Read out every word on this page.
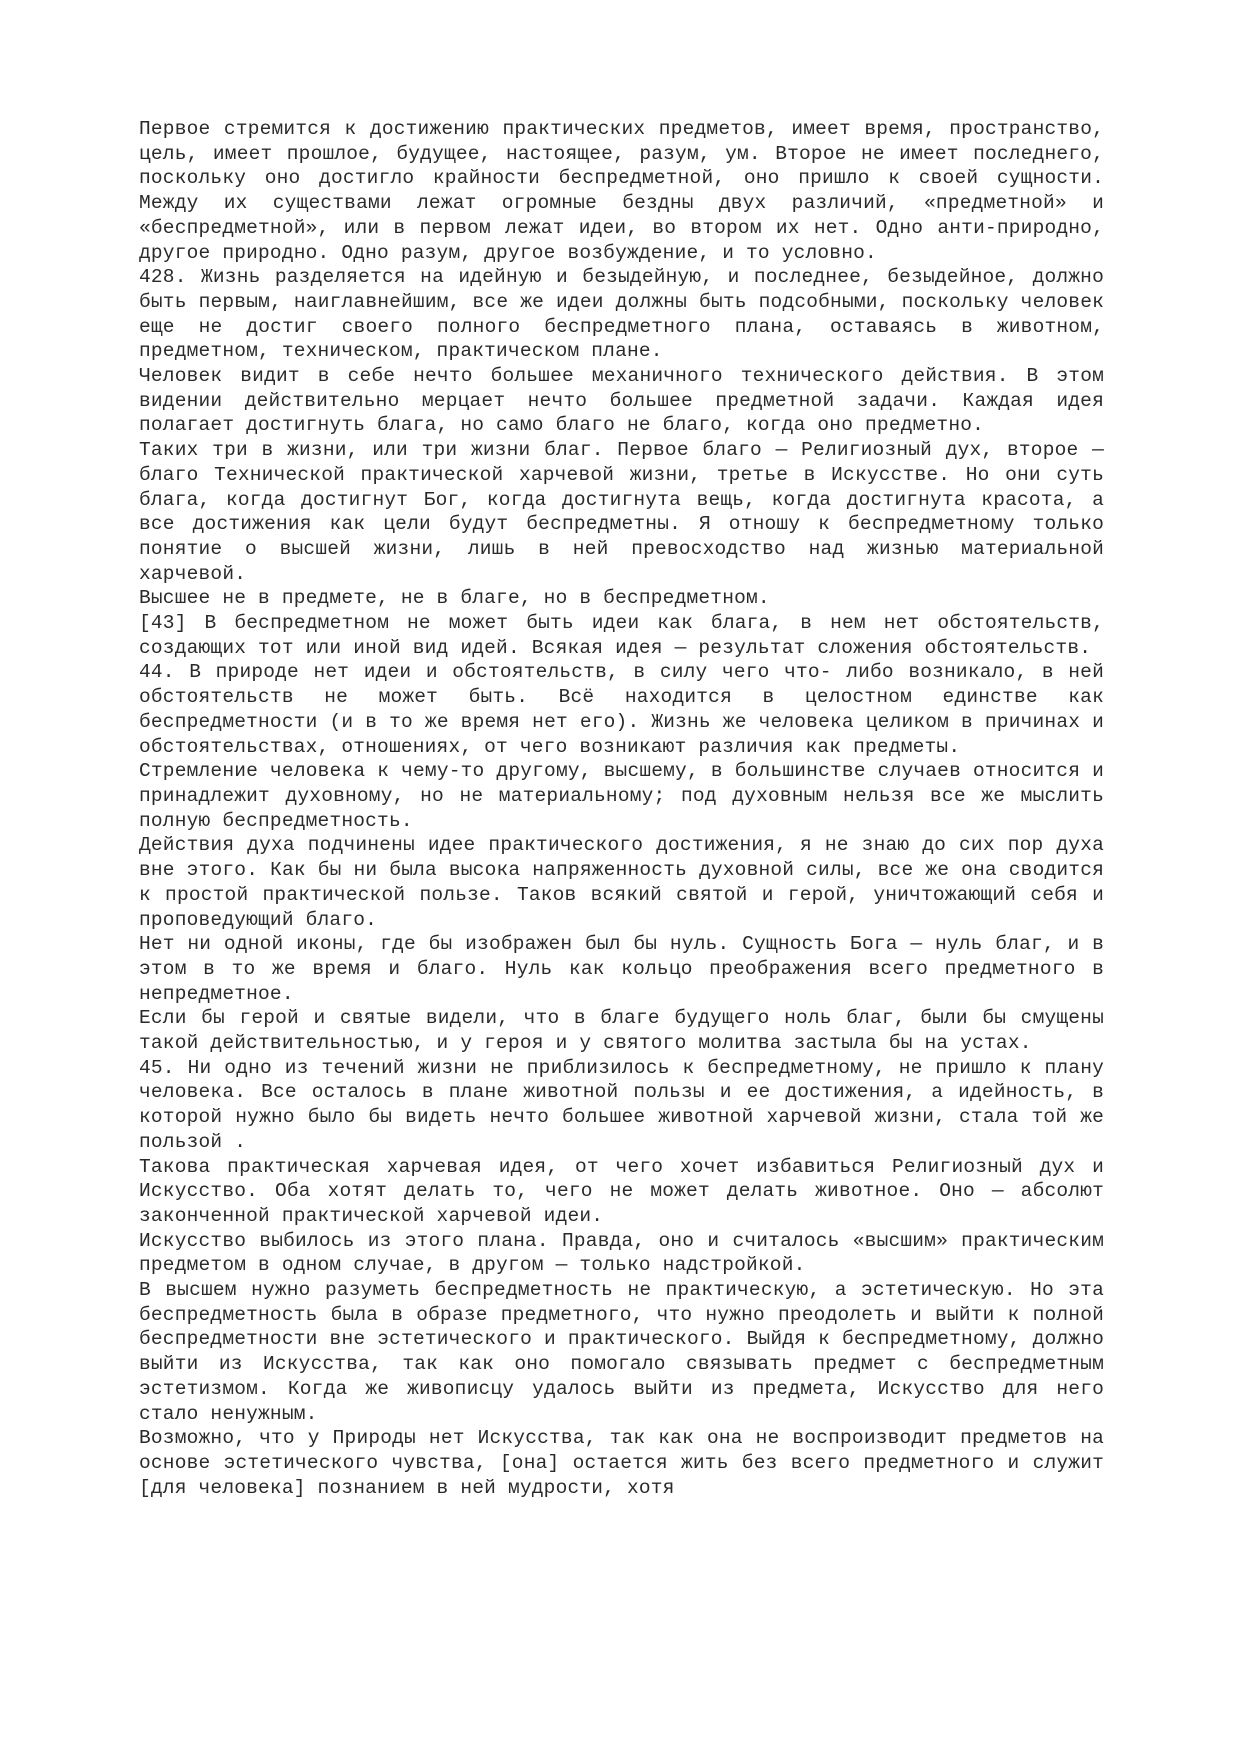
Первое стремится к достижению практических предметов, имеет время, пространство, цель, имеет прошлое, будущее, настоящее, разум, ум. Второе не имеет последнего, поскольку оно достигло крайности беспредметной, оно пришло к своей сущности. Между их существами лежат огромные бездны двух различий, «предметной» и «беспредметной», или в первом лежат идеи, во втором их нет. Одно анти-природно, другое природно. Одно разум, другое возбуждение, и то условно.

428. Жизнь разделяется на идейную и безыдейную, и последнее, безыдейное, должно быть первым, наиглавнейшим, все же идеи должны быть подсобными, поскольку человек еще не достиг своего полного беспредметного плана, оставаясь в животном, предметном, техническом, практическом плане.

Человек видит в себе нечто большее механичного технического действия. В этом видении действительно мерцает нечто большее предметной задачи. Каждая идея полагает достигнуть блага, но само благо не благо, когда оно предметно.

Таких три в жизни, или три жизни благ. Первое благо — Религиозный дух, второе — благо Технической практической харчевой жизни, третье в Искусстве. Но они суть блага, когда достигнут Бог, когда достигнута вещь, когда достигнута красота, а все достижения как цели будут беспредметны. Я отношу к беспредметному только понятие о высшей жизни, лишь в ней превосходство над жизнью материальной харчевой.

Высшее не в предмете, не в благе, но в беспредметном.

[43] В беспредметном не может быть идеи как блага, в нем нет обстоятельств, создающих тот или иной вид идей. Всякая идея — результат сложения обстоятельств.

44. В природе нет идеи и обстоятельств, в силу чего что- либо возникало, в ней обстоятельств не может быть. Всё находится в целостном единстве как беспредметности (и в то же время нет его). Жизнь же человека целиком в причинах и обстоятельствах, отношениях, от чего возникают различия как предметы.

Стремление человека к чему-то другому, высшему, в большинстве случаев относится и принадлежит духовному, но не материальному; под духовным нельзя все же мыслить полную беспредметность.

Действия духа подчинены идее практического достижения, я не знаю до сих пор духа вне этого. Как бы ни была высока напряженность духовной силы, все же она сводится к простой практической пользе. Таков всякий святой и герой, уничтожающий себя и проповедующий благо.

Нет ни одной иконы, где бы изображен был бы нуль. Сущность Бога — нуль благ, и в этом в то же время и благо. Нуль как кольцо преображения всего предметного в непредметное.

Если бы герой и святые видели, что в благе будущего ноль благ, были бы смущены такой действительностью, и у героя и у святого молитва застыла бы на устах.

45. Ни одно из течений жизни не приблизилось к беспредметному, не пришло к плану человека. Все осталось в плане животной пользы и ее достижения, а идейность, в которой нужно было бы видеть нечто большее животной харчевой жизни, стала той же пользой .

Такова практическая харчевая идея, от чего хочет избавиться Религиозный дух и Искусство. Оба хотят делать то, чего не может делать животное. Оно — абсолют законченной практической харчевой идеи.

Искусство выбилось из этого плана. Правда, оно и считалось «высшим» практическим предметом в одном случае, в другом — только надстройкой.

В высшем нужно разуметь беспредметность не практическую, а эстетическую. Но эта беспредметность была в образе предметного, что нужно преодолеть и выйти к полной беспредметности вне эстетического и практического. Выйдя к беспредметному, должно выйти из Искусства, так как оно помогало связывать предмет с беспредметным эстетизмом. Когда же живописцу удалось выйти из предмета, Искусство для него стало ненужным.

Возможно, что у Природы нет Искусства, так как она не воспроизводит предметов на основе эстетического чувства, [она] остается жить без всего предметного и служит [для человека] познанием в ней мудрости, хотя
